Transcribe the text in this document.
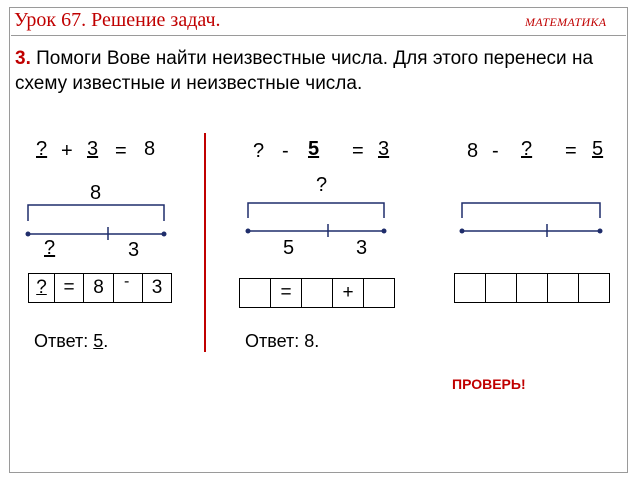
Урок 67. Решение задач.	МАТЕМАТИКА
3. Помоги Вове найти неизвестные числа. Для этого перенеси на схему известные и неизвестные числа.
? + 3 = 8
8
?	3
? = 8	-	3
Ответ: 5.
? - 5 = 3
?
5	3
=	+
Ответ: 8.
8 - ? = 5
ПРОВЕРЬ!
